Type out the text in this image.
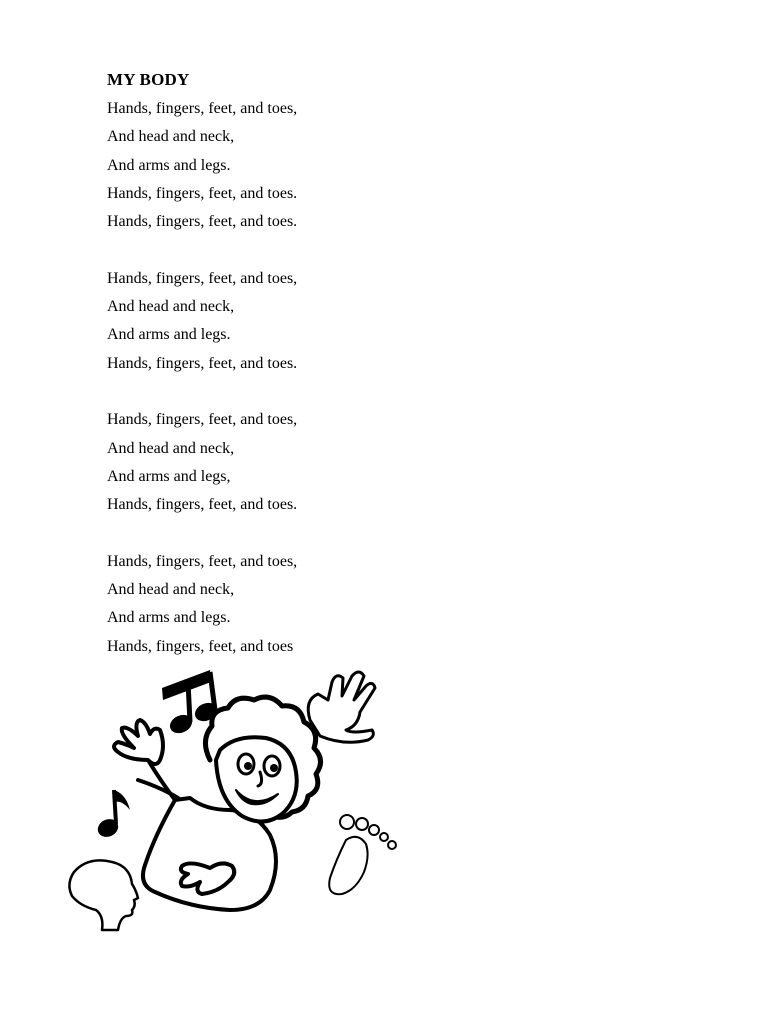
MY BODY
Hands, fingers, feet, and toes,
And head and neck,
And arms and legs.
Hands, fingers, feet, and toes.
Hands, fingers, feet, and toes.
Hands, fingers, feet, and toes,
And head and neck,
And arms and legs.
Hands, fingers, feet, and toes.
Hands, fingers, feet, and toes,
And head and neck,
And arms and legs,
Hands, fingers, feet, and toes.
Hands, fingers, feet, and toes,
And head and neck,
And arms and legs.
Hands, fingers, feet, and toes
